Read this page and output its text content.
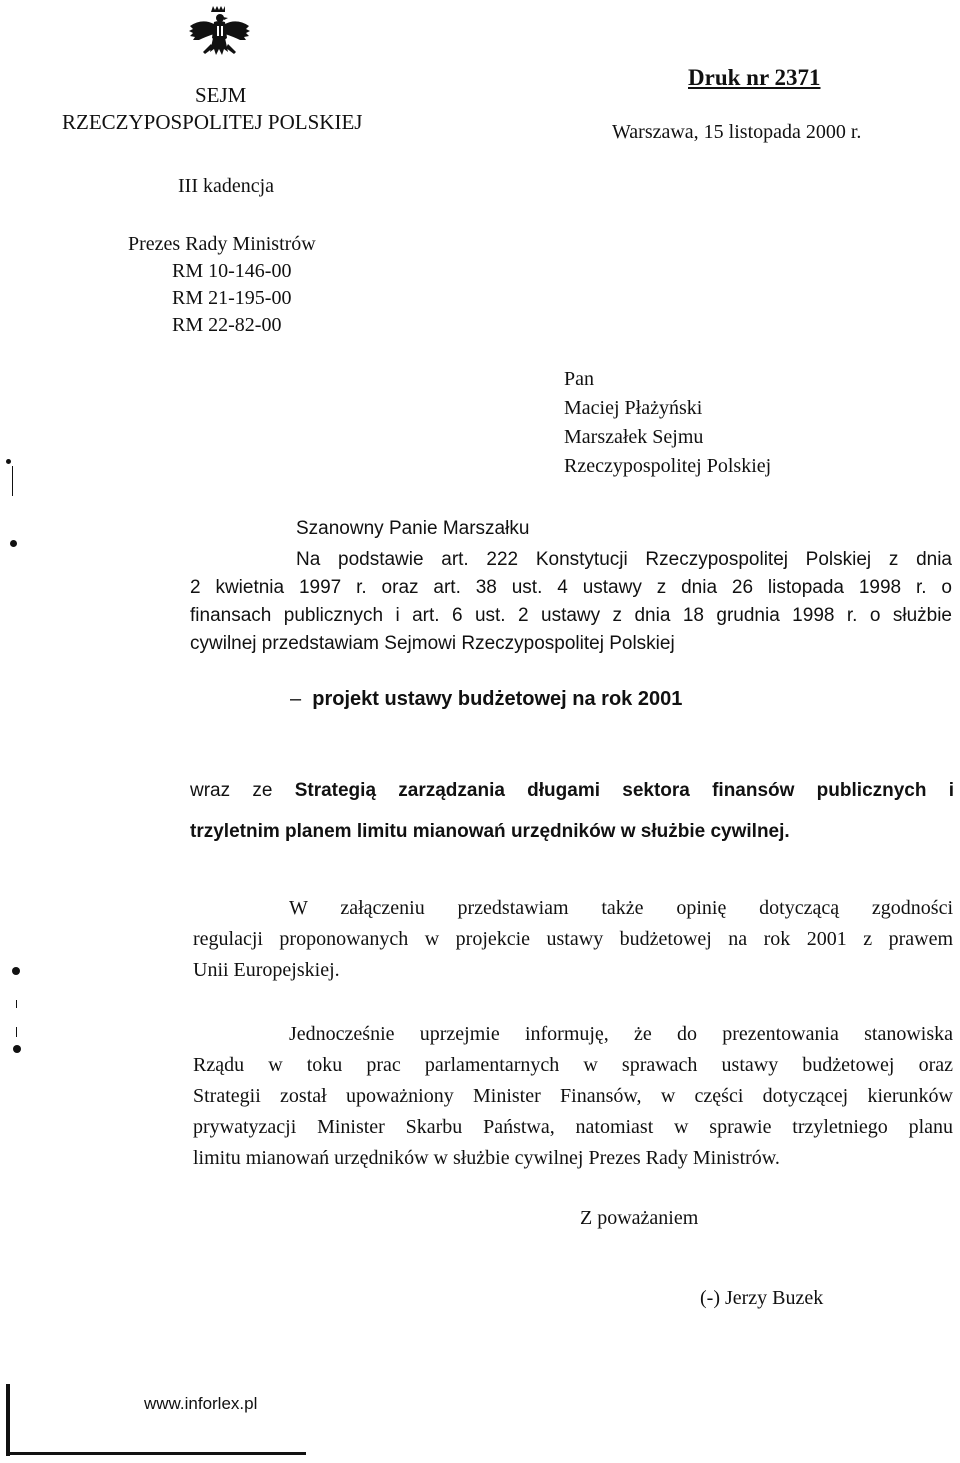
SEJM
RZECZYPOSPOLITEJ POLSKIEJ
Druk nr 2371
Warszawa, 15 listopada 2000 r.
III kadencja
Prezes Rady Ministrów
RM 10-146-00
RM 21-195-00
RM 22-82-00
Pan
Maciej Płażyński
Marszałek Sejmu
Rzeczypospolitej Polskiej
Szanowny Panie Marszałku
Na podstawie art. 222 Konstytucji Rzeczypospolitej Polskiej z dnia
2 kwietnia 1997 r. oraz art. 38 ust. 4 ustawy z dnia 26 listopada 1998 r. o
finansach publicznych i art. 6 ust. 2 ustawy z dnia 18 grudnia 1998 r. o służbie
cywilnej przedstawiam Sejmowi Rzeczypospolitej Polskiej
– projekt ustawy budżetowej na rok 2001
wraz ze Strategią zarządzania długami sektora finansów publicznych i
trzyletnim planem limitu mianowań urzędników w służbie cywilnej.
W załączeniu przedstawiam także opinię dotyczącą zgodności
regulacji proponowanych w projekcie ustawy budżetowej na rok 2001 z prawem
Unii Europejskiej.
Jednocześnie uprzejmie informuję, że do prezentowania stanowiska
Rządu w toku prac parlamentarnych w sprawach ustawy budżetowej oraz
Strategii został upoważniony Minister Finansów, w części dotyczącej kierunków
prywatyzacji Minister Skarbu Państwa, natomiast w sprawie trzyletniego planu
limitu mianowań urzędników w służbie cywilnej Prezes Rady Ministrów.
Z poważaniem
(-) Jerzy Buzek
www.inforlex.pl
